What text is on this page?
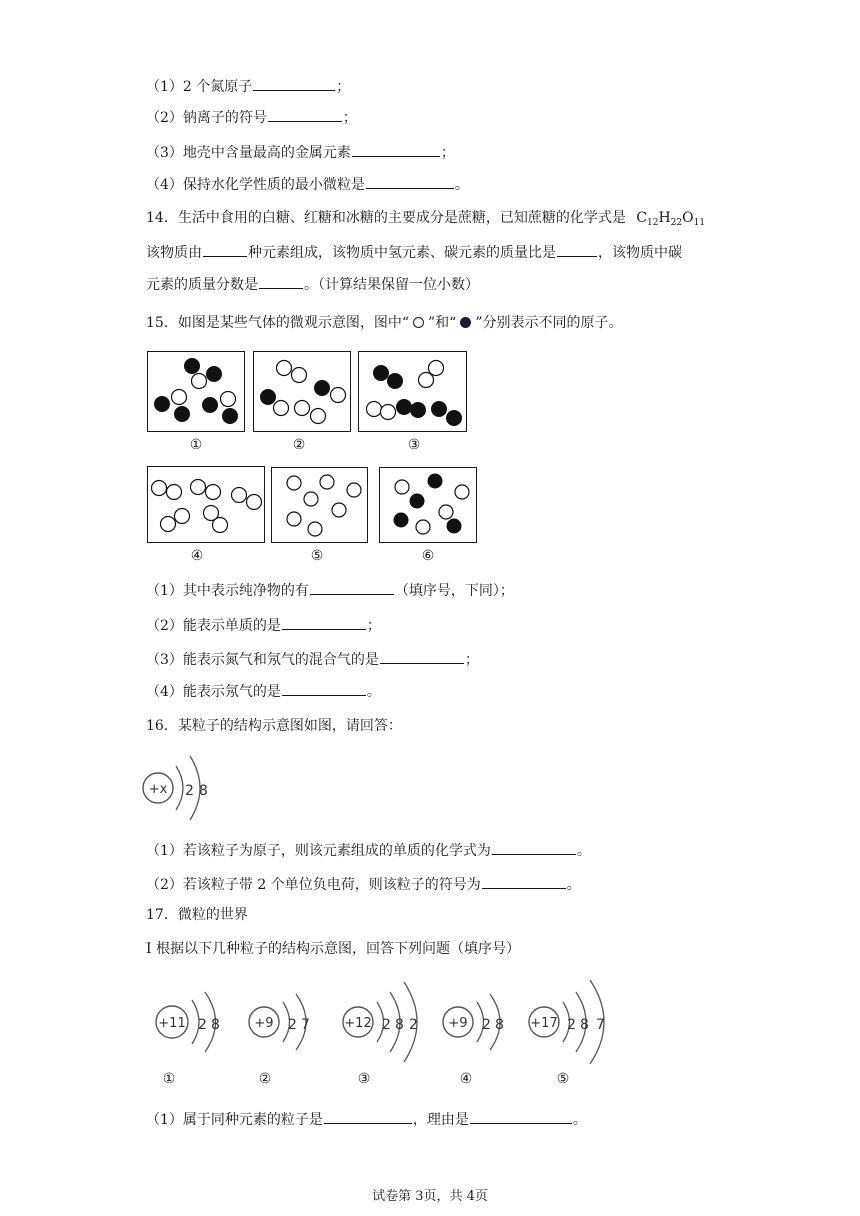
（1）2 个氮原子	；
（2）钠离子的符号	；
（3）地壳中含量最高的金属元素	；
（4）保持水化学性质的最小微粒是	。
14．生活中食用的白糖、红糖和冰糖的主要成分是蔗糖，已知蔗糖的化学式是 $C_{12}H_{22}O_{11}$
该物质由	种元素组成，该物质中氢元素、碳元素的质量比是	，该物质中碳
元素的质量分数是	。（计算结果保留一位小数）
15．如图是某些气体的微观示意图，图中“ ”和“ ”分别表示不同的原子。
①	②	③
④	⑤	⑥
（1）其中表示纯净物的有	（填序号，下同）；
（2）能表示单质的是	；
（3）能表示氮气和氖气的混合气的是	；
（4）能表示氖气的是	。
16．某粒子的结构示意图如图，请回答：
+x 2 8
（1）若该粒子为原子，则该元素组成的单质的化学式为	。
（2）若该粒子带 2 个单位负电荷，则该粒子的符号为	。
17．微粒的世界
I 根据以下几种粒子的结构示意图，回答下列问题（填序号）
+11 2 8	+9 2 7	+12 2 8 2 +9 2 8 +17 2 8 7
①	②	③	④	⑤
（1）属于同种元素的粒子是	，理由是	。
试卷第 3页，共 4页
